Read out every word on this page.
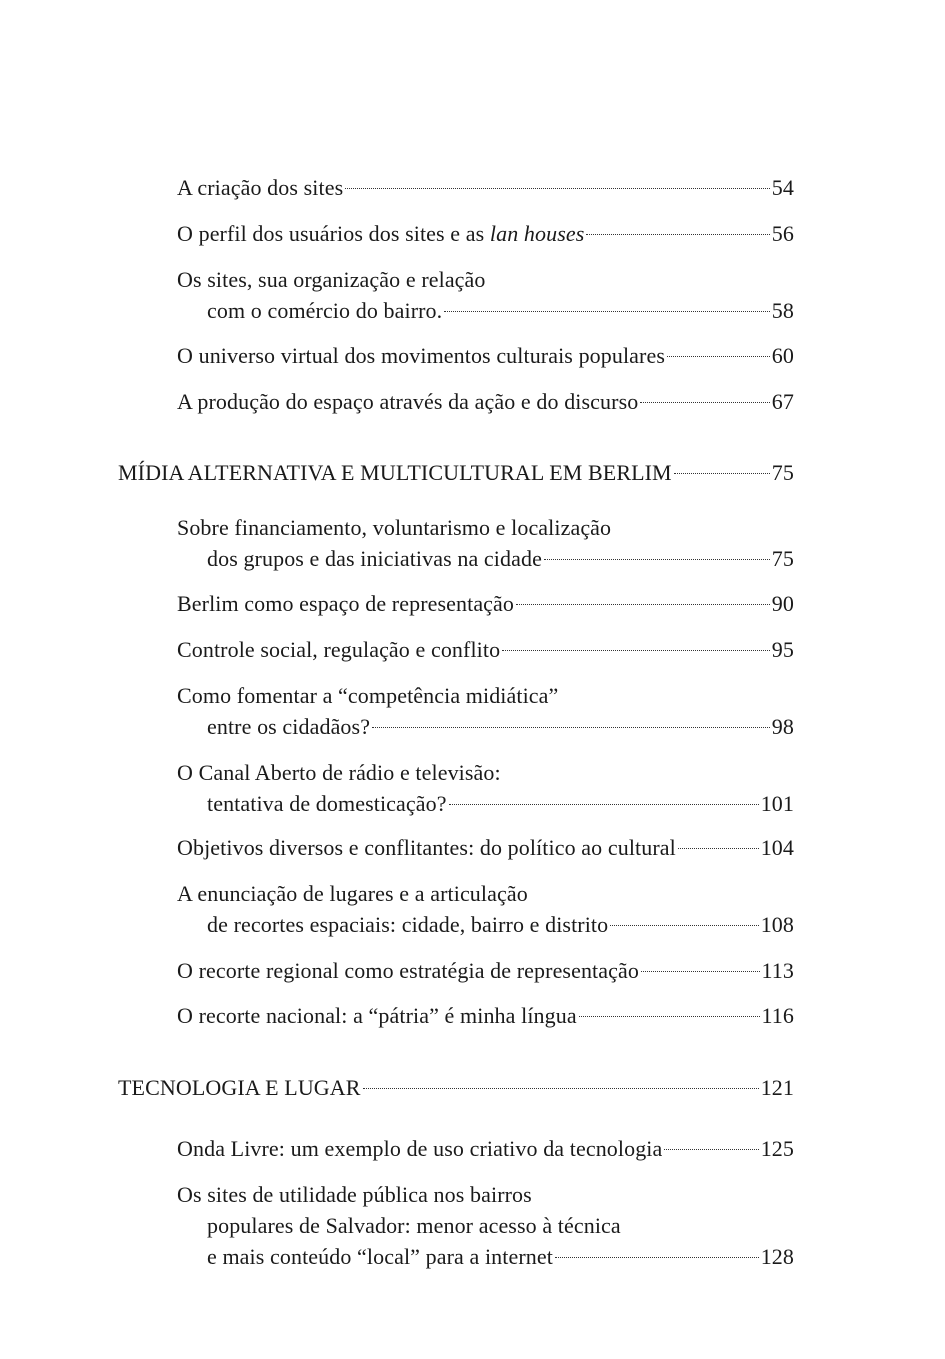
A criação dos sites	54
O perfil dos usuários dos sites e as lan houses	56
Os sites, sua organização e relação
com o comércio do bairro.	58
O universo virtual dos movimentos culturais populares	60
A produção do espaço através da ação e do discurso	67
MÍDIA ALTERNATIVA E MULTICULTURAL EM BERLIM	75
Sobre financiamento, voluntarismo e localização
dos grupos e das iniciativas na cidade	75
Berlim como espaço de representação	90
Controle social, regulação e conflito	95
Como fomentar a “competência midiática”
entre os cidadãos?	98
O Canal Aberto de rádio e televisão:
tentativa de domesticação?	101
Objetivos diversos e conflitantes: do político ao cultural	104
A enunciação de lugares e a articulação
de recortes espaciais: cidade, bairro e distrito	108
O recorte regional como estratégia de representação	113
O recorte nacional: a “pátria” é minha língua	116
TECNOLOGIA E LUGAR	121
Onda Livre: um exemplo de uso criativo da tecnologia	125
Os sites de utilidade pública nos bairros
populares de Salvador: menor acesso à técnica
e mais conteúdo “local” para a internet	128
